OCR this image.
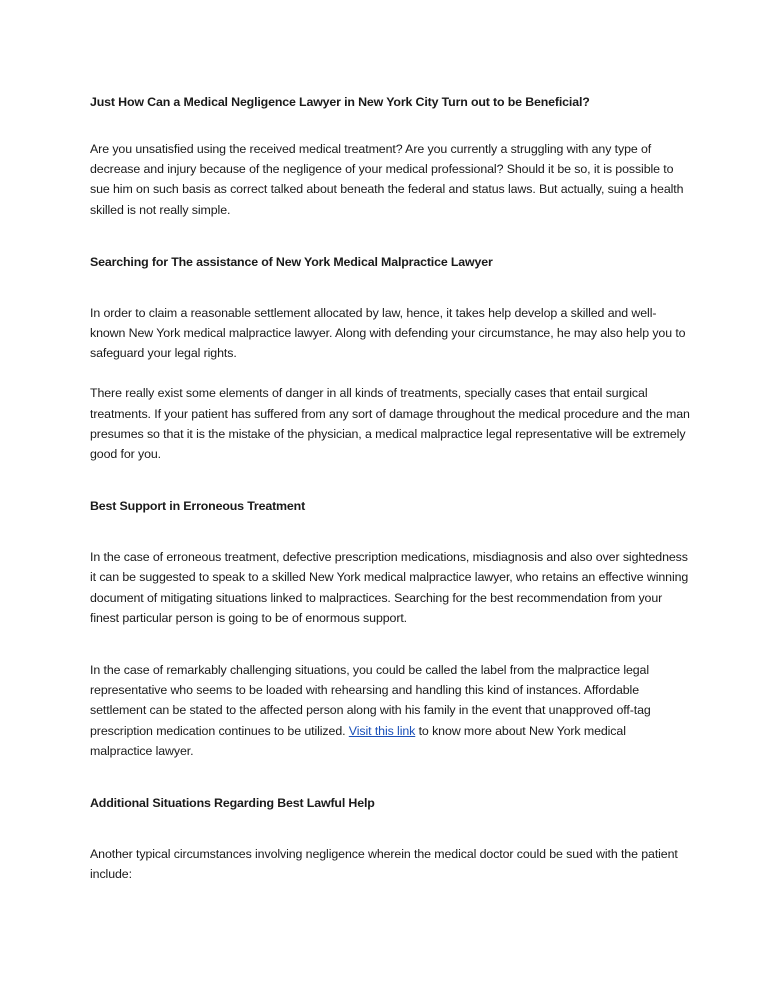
Just How Can a Medical Negligence Lawyer in New York City Turn out to be Beneficial?

Are you unsatisfied using the received medical treatment? Are you currently a struggling with any type of decrease and injury because of the negligence of your medical professional? Should it be so, it is possible to sue him on such basis as correct talked about beneath the federal and status laws. But actually, suing a health skilled is not really simple.

Searching for The assistance of New York Medical Malpractice Lawyer

In order to claim a reasonable settlement allocated by law, hence, it takes help develop a skilled and well-known New York medical malpractice lawyer. Along with defending your circumstance, he may also help you to safeguard your legal rights.

There really exist some elements of danger in all kinds of treatments, specially cases that entail surgical treatments. If your patient has suffered from any sort of damage throughout the medical procedure and the man presumes so that it is the mistake of the physician, a medical malpractice legal representative will be extremely good for you.

Best Support in Erroneous Treatment

In the case of erroneous treatment, defective prescription medications, misdiagnosis and also over sightedness it can be suggested to speak to a skilled New York medical malpractice lawyer, who retains an effective winning document of mitigating situations linked to malpractices. Searching for the best recommendation from your finest particular person is going to be of enormous support.

In the case of remarkably challenging situations, you could be called the label from the malpractice legal representative who seems to be loaded with rehearsing and handling this kind of instances. Affordable settlement can be stated to the affected person along with his family in the event that unapproved off-tag prescription medication continues to be utilized. Visit this link to know more about New York medical malpractice lawyer.

Additional Situations Regarding Best Lawful Help

Another typical circumstances involving negligence wherein the medical doctor could be sued with the patient include:
